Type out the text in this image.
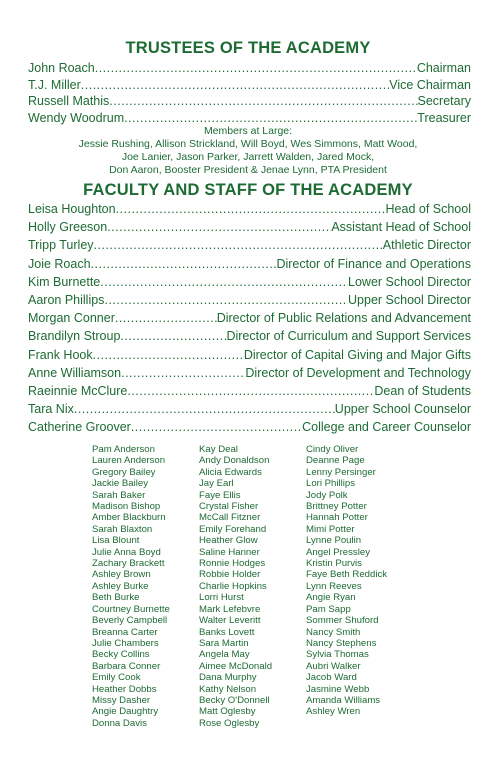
TRUSTEES OF THE ACADEMY
John Roach .....	Chairman
T.J. Miller .....	Vice Chairman
Russell Mathis .....	Secretary
Wendy Woodrum .....	Treasurer
Members at Large:
Jessie Rushing, Allison Strickland, Will Boyd, Wes Simmons, Matt Wood,
Joe Lanier, Jason Parker, Jarrett Walden, Jared Mock,
Don Aaron, Booster President & Jenae Lynn, PTA President
FACULTY AND STAFF OF THE ACADEMY
Leisa Houghton .....	Head of School
Holly Greeson .....	Assistant Head of School
Tripp Turley .....	Athletic Director
Joie Roach .....	Director of Finance and Operations
Kim Burnette .....	Lower School Director
Aaron Phillips .....	Upper School Director
Morgan Conner .....	Director of Public Relations and Advancement
Brandilyn Stroup .....	Director of Curriculum and Support Services
Frank Hook .....	Director of Capital Giving and Major Gifts
Anne Williamson .....	Director of Development and Technology
Raeinnie McClure .....	Dean of Students
Tara Nix .....	Upper School Counselor
Catherine Groover .....	College and Career Counselor
Pam Anderson
Lauren Anderson
Gregory Bailey
Jackie Bailey
Sarah Baker
Madison Bishop
Amber Blackburn
Sarah Blaxton
Lisa Blount
Julie Anna Boyd
Zachary Brackett
Ashley Brown
Ashley Burke
Beth Burke
Courtney Burnette
Beverly Campbell
Breanna Carter
Julie Chambers
Becky Collins
Barbara Conner
Emily Cook
Heather Dobbs
Missy Dasher
Angie Daughtry
Donna Davis
Kay Deal
Andy Donaldson
Alicia Edwards
Jay Earl
Faye Ellis
Crystal Fisher
McCall Fitzner
Emily Forehand
Heather Glow
Saline Hanner
Ronnie Hodges
Robbie Holder
Charlie Hopkins
Lorri Hurst
Mark Lefebvre
Walter Leveritt
Banks Lovett
Sara Martin
Angela May
Aimee McDonald
Dana Murphy
Kathy Nelson
Becky O'Donnell
Matt Oglesby
Rose Oglesby
Cindy Oliver
Deanne Page
Lenny Persinger
Lori Phillips
Jody Polk
Brittney Potter
Hannah Potter
Mimi Potter
Lynne Poulin
Angel Pressley
Kristin Purvis
Faye Beth Reddick
Lynn Reeves
Angie Ryan
Pam Sapp
Sommer Shuford
Nancy Smith
Nancy Stephens
Sylvia Thomas
Aubri Walker
Jacob Ward
Jasmine Webb
Amanda Williams
Ashley Wren
